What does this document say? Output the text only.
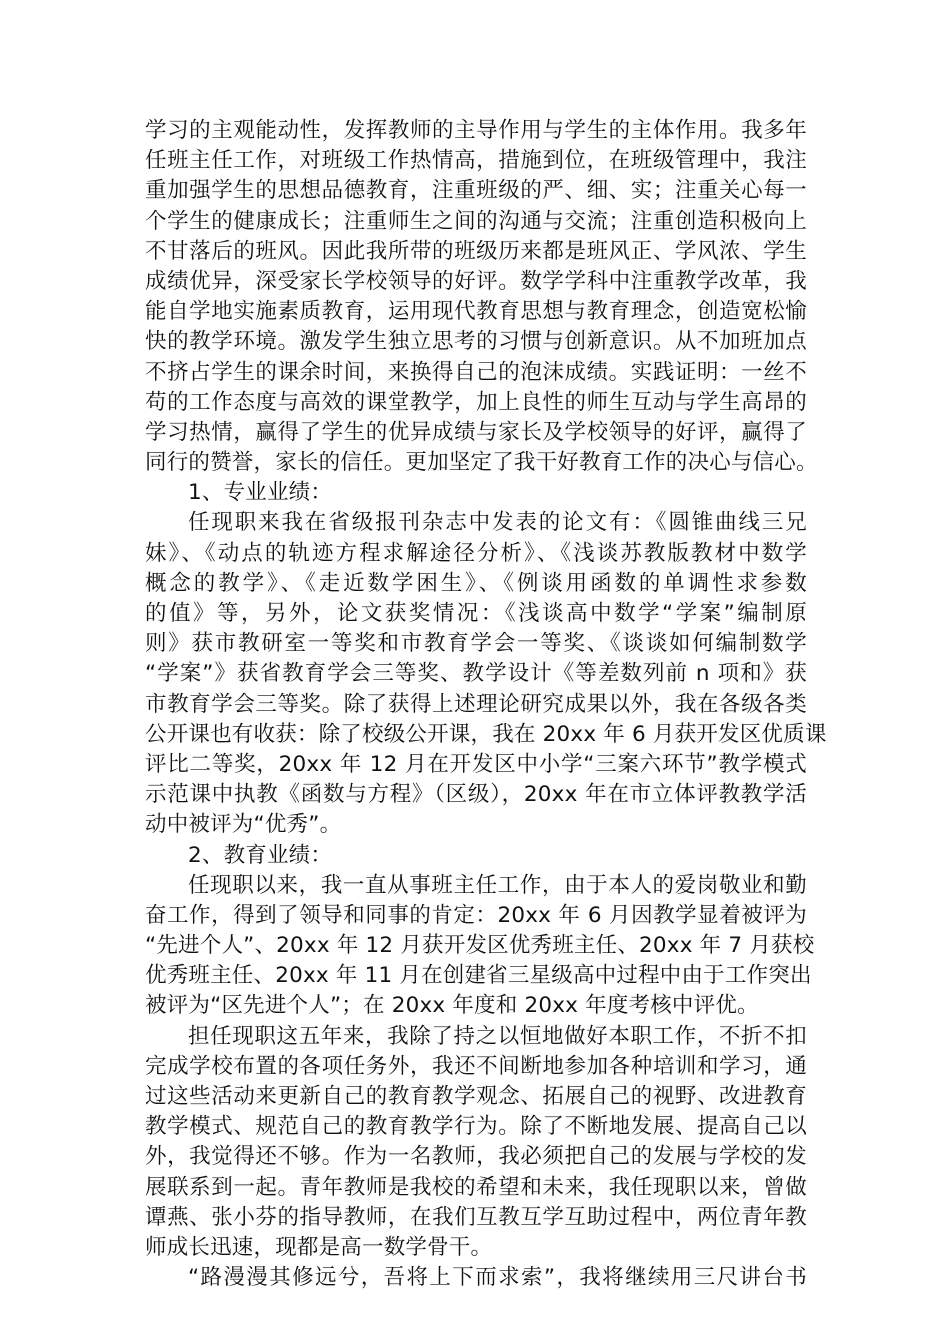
学习的主观能动性，发挥教师的主导作用与学生的主体作用。我多年
任班主任工作，对班级工作热情高，措施到位，在班级管理中，我注
重加强学生的思想品德教育，注重班级的严、细、实；注重关心每一
个学生的健康成长；注重师生之间的沟通与交流；注重创造积极向上
不甘落后的班风。因此我所带的班级历来都是班风正、学风浓、学生
成绩优异，深受家长学校领导的好评。数学学科中注重教学改革，我
能自学地实施素质教育，运用现代教育思想与教育理念，创造宽松愉
快的教学环境。激发学生独立思考的习惯与创新意识。从不加班加点
不挤占学生的课余时间，来换得自己的泡沫成绩。实践证明：一丝不
苟的工作态度与高效的课堂教学，加上良性的师生互动与学生高昂的
学习热情，赢得了学生的优异成绩与家长及学校领导的好评，赢得了
同行的赞誉，家长的信任。更加坚定了我干好教育工作的决心与信心。
1、专业业绩：
任现职来我在省级报刊杂志中发表的论文有：《圆锥曲线三兄
妹》、《动点的轨迹方程求解途径分析》、《浅谈苏教版教材中数学
概念的教学》、《走近数学困生》、《例谈用函数的单调性求参数
的值》等，另外，论文获奖情况：《浅谈高中数学“学案”编制原
则》获市教研室一等奖和市教育学会一等奖、《谈谈如何编制数学
“学案”》获省教育学会三等奖、教学设计《等差数列前 n 项和》获
市教育学会三等奖。除了获得上述理论研究成果以外，我在各级各类
公开课也有收获：除了校级公开课，我在 20xx 年 6 月获开发区优质课
评比二等奖，20xx 年 12 月在开发区中小学“三案六环节”教学模式
示范课中执教《函数与方程》（区级），20xx 年在市立体评教教学活
动中被评为“优秀”。
2、教育业绩：
任现职以来，我一直从事班主任工作，由于本人的爱岗敬业和勤
奋工作，得到了领导和同事的肯定：20xx 年 6 月因教学显着被评为
“先进个人”、20xx 年 12 月获开发区优秀班主任、20xx 年 7 月获校
优秀班主任、20xx 年 11 月在创建省三星级高中过程中由于工作突出
被评为“区先进个人”；在 20xx 年度和 20xx 年度考核中评优。
担任现职这五年来，我除了持之以恒地做好本职工作，不折不扣
完成学校布置的各项任务外，我还不间断地参加各种培训和学习，通
过这些活动来更新自己的教育教学观念、拓展自己的视野、改进教育
教学模式、规范自己的教育教学行为。除了不断地发展、提高自己以
外，我觉得还不够。作为一名教师，我必须把自己的发展与学校的发
展联系到一起。青年教师是我校的希望和未来，我任现职以来，曾做
谭燕、张小芬的指导教师，在我们互教互学互助过程中，两位青年教
师成长迅速，现都是高一数学骨干。
“路漫漫其修远兮，吾将上下而求索”，我将继续用三尺讲台书
